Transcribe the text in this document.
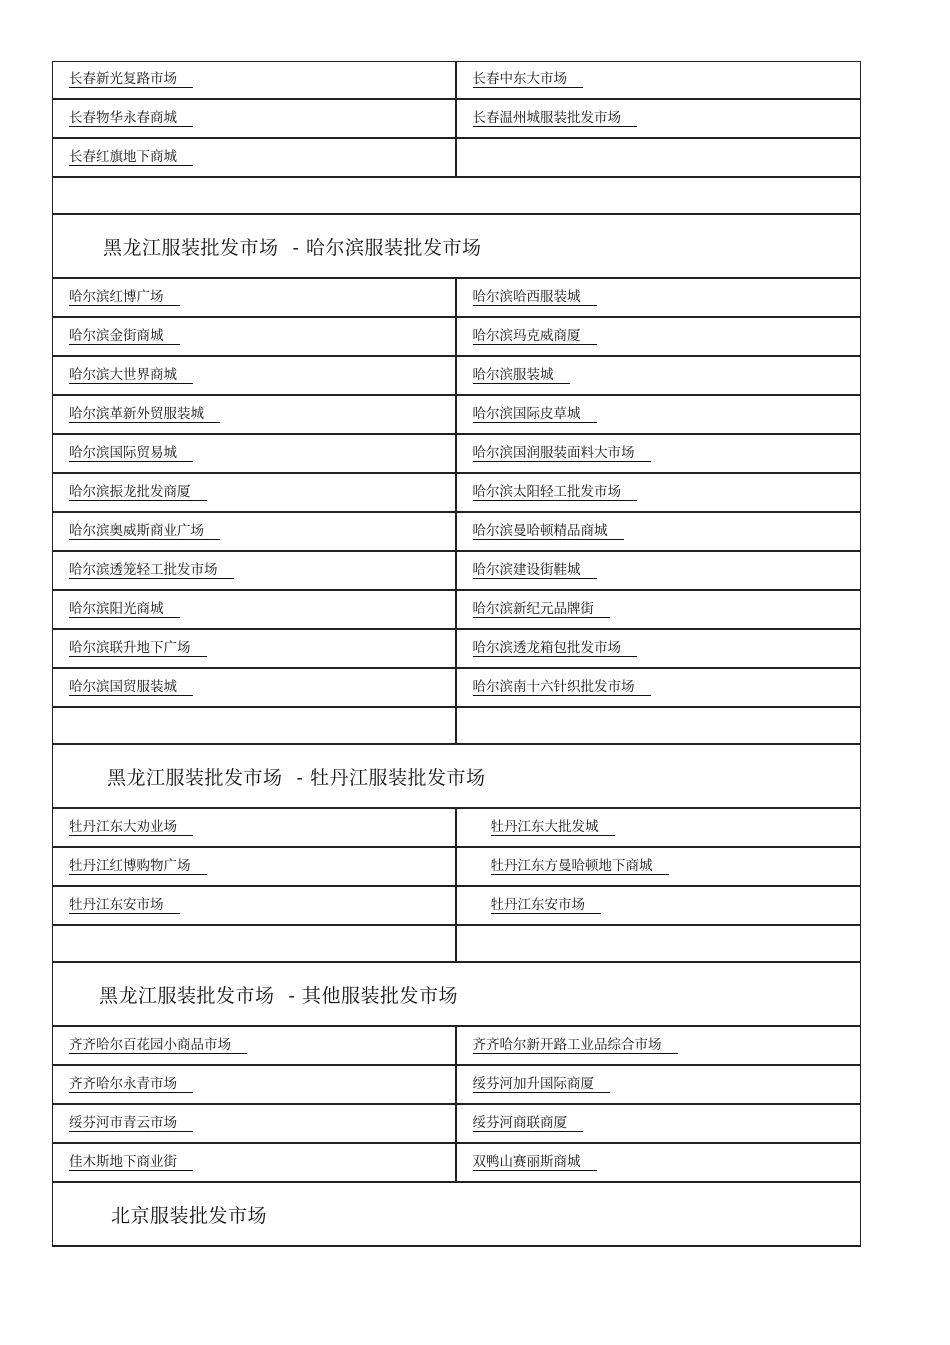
长春新光复路市场	长春中东大市场
长春物华永春商城	长春温州城服装批发市场
长春红旗地下商城
黑龙江服装批发市场 - 哈尔滨服装批发市场
哈尔滨红博广场	哈尔滨哈西服装城
哈尔滨金街商城	哈尔滨玛克威商厦
哈尔滨大世界商城	哈尔滨服装城
哈尔滨革新外贸服装城	哈尔滨国际皮草城
哈尔滨国际贸易城	哈尔滨国润服装面料大市场
哈尔滨振龙批发商厦	哈尔滨太阳轻工批发市场
哈尔滨奥威斯商业广场	哈尔滨曼哈顿精品商城
哈尔滨透笼轻工批发市场	哈尔滨建设街鞋城
哈尔滨阳光商城	哈尔滨新纪元品牌街
哈尔滨联升地下广场	哈尔滨透龙箱包批发市场
哈尔滨国贸服装城	哈尔滨南十六针织批发市场
黑龙江服装批发市场 - 牡丹江服装批发市场
牡丹江东大劝业场	牡丹江东大批发城
牡丹江红博购物广场	牡丹江东方曼哈顿地下商城
牡丹江东安市场	牡丹江东安市场
黑龙江服装批发市场 - 其他服装批发市场
齐齐哈尔百花园小商品市场	齐齐哈尔新开路工业品综合市场
齐齐哈尔永青市场	绥芬河加升国际商厦
绥芬河市青云市场	绥芬河商联商厦
佳木斯地下商业街	双鸭山赛丽斯商城
北京服装批发市场
